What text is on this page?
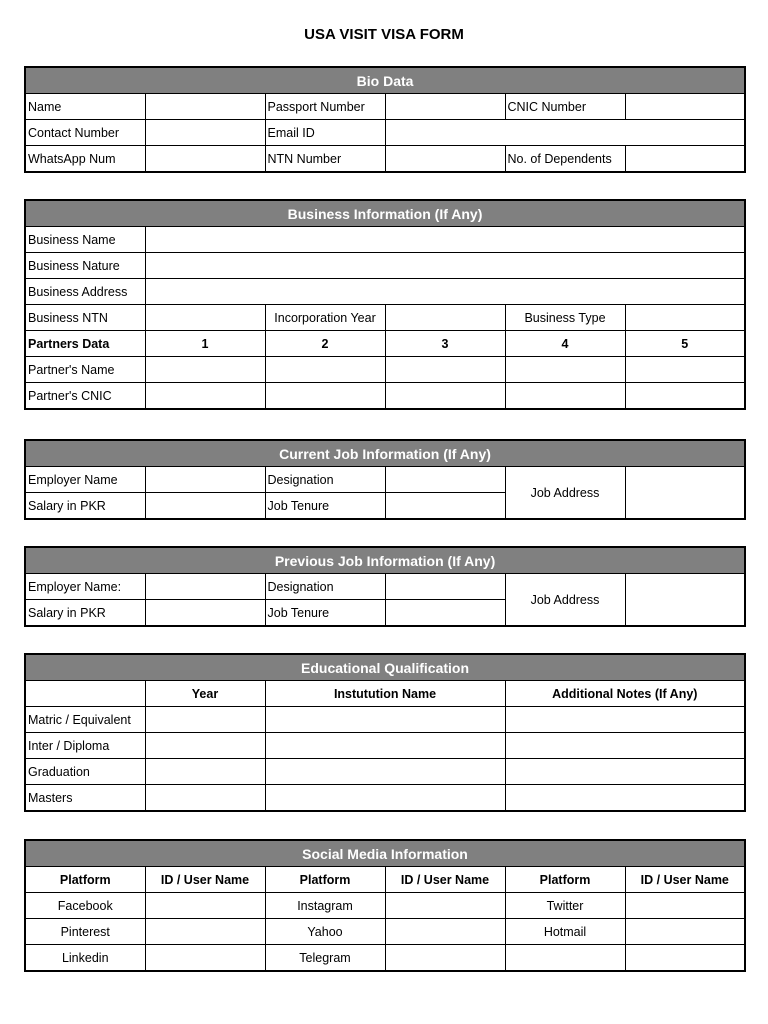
USA VISIT VISA FORM
Bio Data					
Name		Passport Number		CNIC Number	
Contact Number		Email ID			
WhatsApp Num		NTN Number		No. of Dependents	
Business Information (If Any)					
Business Name					
Business Nature					
Business Address					
Business NTN		Incorporation Year		Business Type	
Partners Data	1	2	3	4	5
Partner's Name					
Partner's CNIC					
Current Job Information (If Any)					
Employer Name		Designation		Job Address	
Salary in PKR		Job Tenure			
Previous Job Information (If Any)					
Employer Name:		Designation		Job Address	
Salary in PKR		Job Tenure			
Educational Qualification			
	Year	Instutution Name	Additional Notes (If Any)
Matric / Equivalent			
Inter / Diploma			
Graduation			
Masters			
Social Media Information					
Platform	ID / User Name	Platform	ID / User Name	Platform	ID / User Name
Facebook		Instagram		Twitter	
Pinterest		Yahoo		Hotmail	
Linkedin		Telegram			
